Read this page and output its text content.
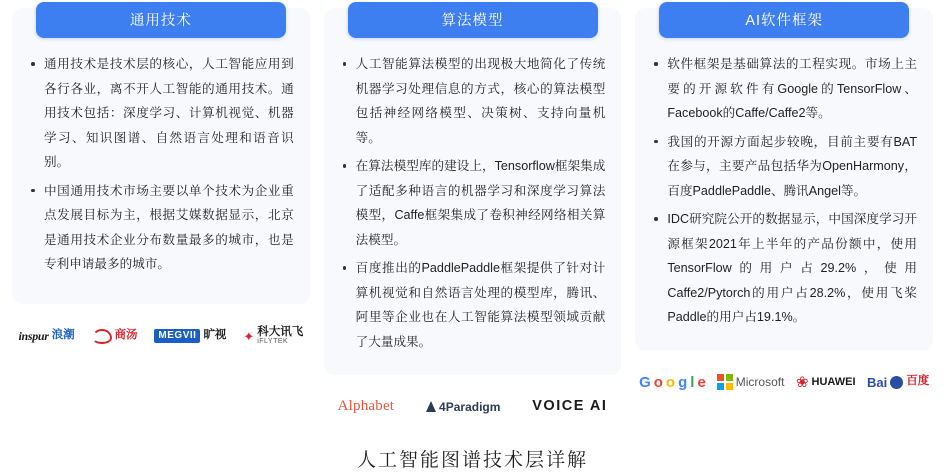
通用技术
通用技术是技术层的核心，人工智能应用到各行各业，离不开人工智能的通用技术。通用技术包括：深度学习、计算机视觉、机器学习、知识图谱、自然语言处理和语音识别。
中国通用技术市场主要以单个技术为企业重点发展目标为主，根据艾媒数据显示，北京是通用技术企业分布数量最多的城市，也是专利申请最多的城市。
inspur 浪潮	商汤	MEGVII 旷视 ✦ 科大讯飞
iFLYTEK
算法模型
人工智能算法模型的出现极大地简化了传统机器学习处理信息的方式，核心的算法模型包括神经网络模型、决策树、支持向量机等。
在算法模型库的建设上，Tensorflow框架集成了适配多种语言的机器学习和深度学习算法模型，Caffe框架集成了卷积神经网络相关算法模型。
百度推出的PaddlePaddle框架提供了针对计算机视觉和自然语言处理的模型库，腾讯、阿里等企业也在人工智能算法模型领域贡献了大量成果。
Alphabet	4Paradigm VOICE AI
AI软件框架
软件框架是基础算法的工程实现。市场上主要的开源软件有Google的TensorFlow、Facebook的Caffe/Caffe2等。
我国的开源方面起步较晚，目前主要有BAT在参与，主要产品包括华为OpenHarmony，百度PaddlePaddle、腾讯Angel等。
IDC研究院公开的数据显示，中国深度学习开源框架2021年上半年的产品份额中，使用TensorFlow的用户占29.2%，使用Caffe2/Pytorch的用户占28.2%，使用飞桨Paddle的用户占19.1%。
G o o g l e Microsoft ❀ HUAWEI Bai 百度
人工智能图谱技术层详解
